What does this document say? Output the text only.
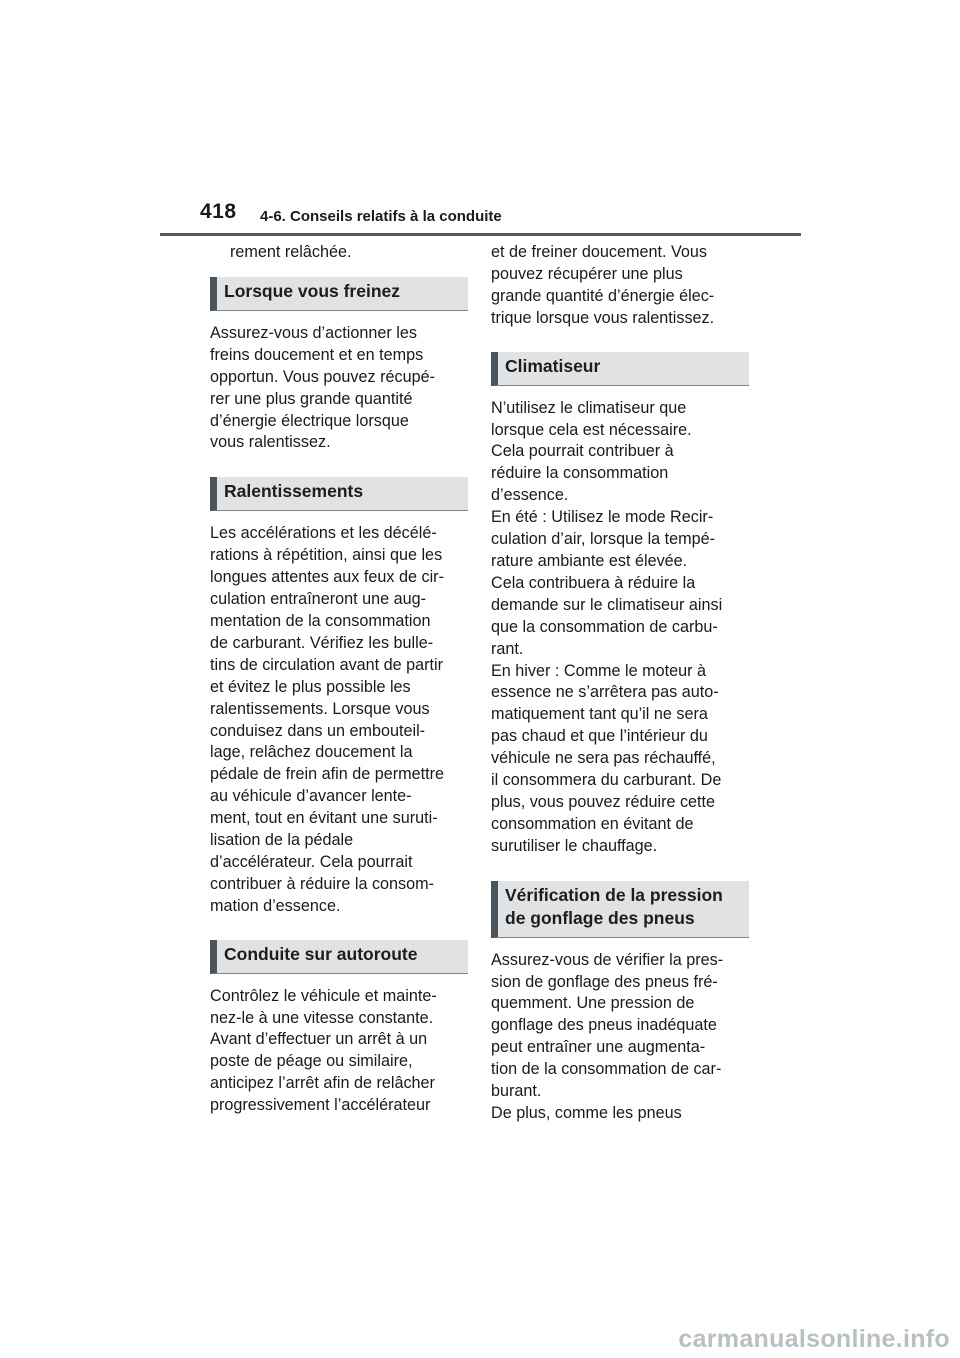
418 4-6. Conseils relatifs à la conduite

rement relâchée.

Lorsque vous freinez

Assurez-vous d’actionner les
freins doucement et en temps
opportun. Vous pouvez récupé-
rer une plus grande quantité
d’énergie électrique lorsque
vous ralentissez.

Ralentissements

Les accélérations et les décélé-
rations à répétition, ainsi que les
longues attentes aux feux de cir-
culation entraîneront une aug-
mentation de la consommation
de carburant. Vérifiez les bulle-
tins de circulation avant de partir
et évitez le plus possible les
ralentissements. Lorsque vous
conduisez dans un embouteil-
lage, relâchez doucement la
pédale de frein afin de permettre
au véhicule d’avancer lente-
ment, tout en évitant une suruti-
lisation de la pédale
d’accélérateur. Cela pourrait
contribuer à réduire la consom-
mation d’essence.

Conduite sur autoroute

Contrôlez le véhicule et mainte-
nez-le à une vitesse constante.
Avant d’effectuer un arrêt à un
poste de péage ou similaire,
anticipez l’arrêt afin de relâcher
progressivement l’accélérateur

et de freiner doucement. Vous
pouvez récupérer une plus
grande quantité d’énergie élec-
trique lorsque vous ralentissez.

Climatiseur

N’utilisez le climatiseur que
lorsque cela est nécessaire.
Cela pourrait contribuer à
réduire la consommation
d’essence.
En été : Utilisez le mode Recir-
culation d’air, lorsque la tempé-
rature ambiante est élevée.
Cela contribuera à réduire la
demande sur le climatiseur ainsi
que la consommation de carbu-
rant.
En hiver : Comme le moteur à
essence ne s’arrêtera pas auto-
matiquement tant qu’il ne sera
pas chaud et que l’intérieur du
véhicule ne sera pas réchauffé,
il consommera du carburant. De
plus, vous pouvez réduire cette
consommation en évitant de
surutiliser le chauffage.

Vérification de la pression
de gonflage des pneus

Assurez-vous de vérifier la pres-
sion de gonflage des pneus fré-
quemment. Une pression de
gonflage des pneus inadéquate
peut entraîner une augmenta-
tion de la consommation de car-
burant.
De plus, comme les pneus

carmanualsonline.info
